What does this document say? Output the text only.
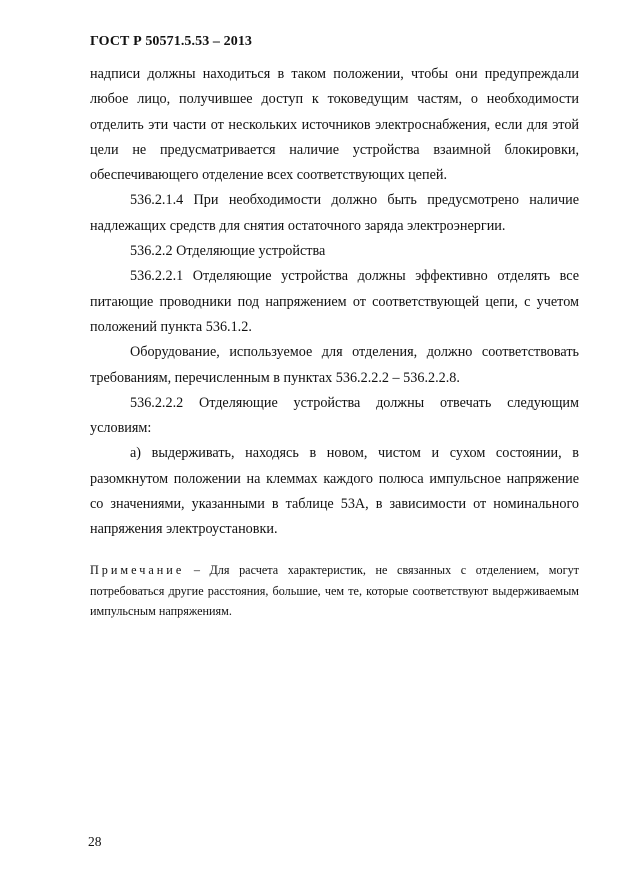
ГОСТ Р 50571.5.53 – 2013

надписи должны находиться в таком положении, чтобы они предупреждали любое лицо, получившее доступ к токоведущим частям, о необходимости отделить эти части от нескольких источников электроснабжения, если для этой цели не предусматривается наличие устройства взаимной блокировки, обеспечивающего отделение всех соответствующих цепей.

536.2.1.4 При необходимости должно быть предусмотрено наличие надлежащих средств для снятия остаточного заряда электроэнергии.

536.2.2 Отделяющие устройства

536.2.2.1 Отделяющие устройства должны эффективно отделять все питающие проводники под напряжением от соответствующей цепи, с учетом положений пункта 536.1.2.

Оборудование, используемое для отделения, должно соответствовать требованиям, перечисленным в пунктах 536.2.2.2 – 536.2.2.8.

536.2.2.2 Отделяющие устройства должны отвечать следующим условиям:

а) выдерживать, находясь в новом, чистом и сухом состоянии, в разомкнутом положении на клеммах каждого полюса импульсное напряжение со значениями, указанными в таблице 53А, в зависимости от номинального напряжения электроустановки.

Примечание – Для расчета характеристик, не связанных с отделением, могут потребоваться другие расстояния, большие, чем те, которые соответствуют выдерживаемым импульсным напряжениям.
28
